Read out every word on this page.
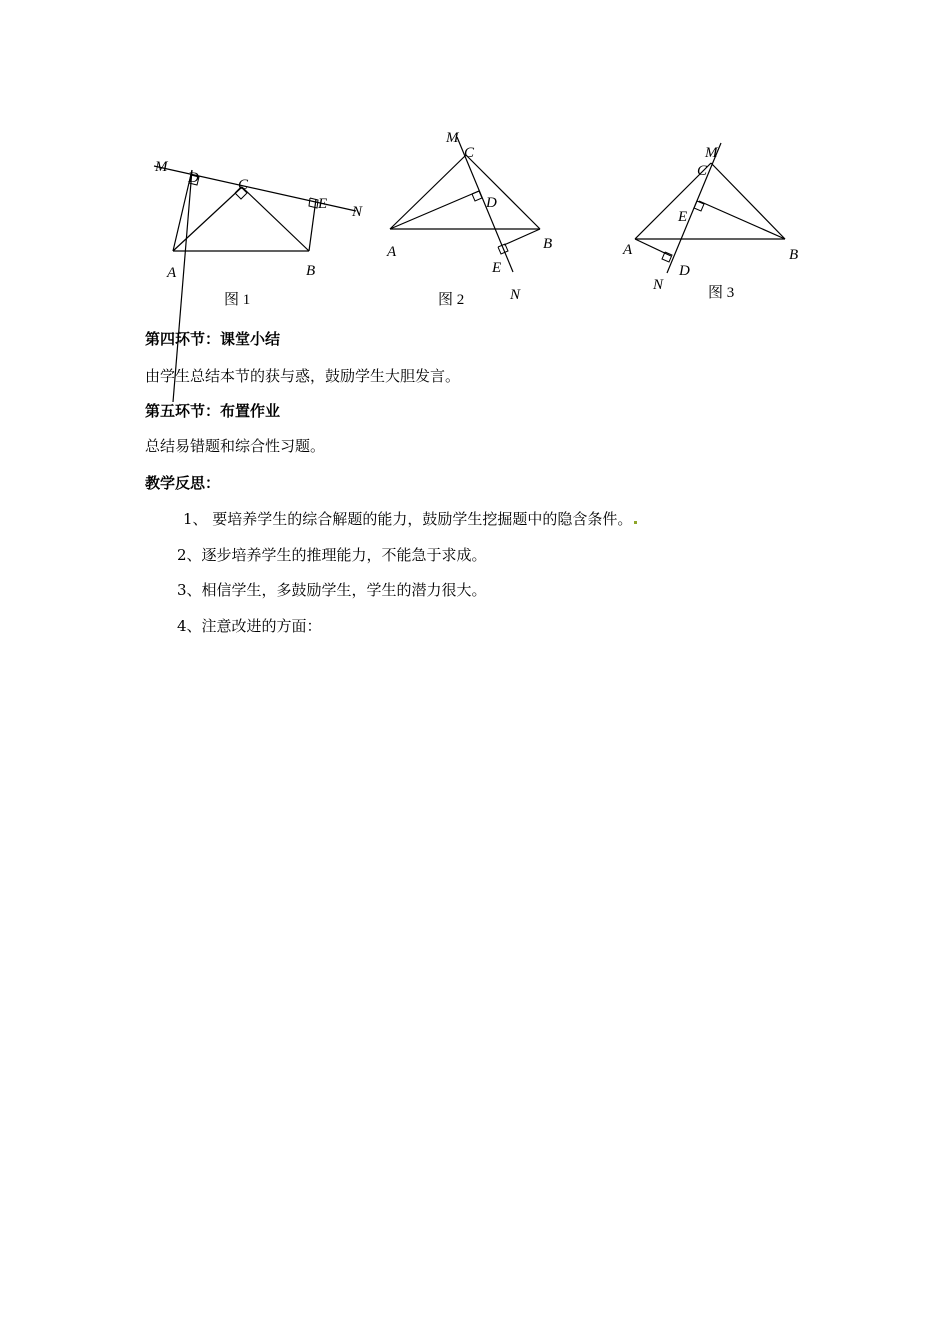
M
D	C
E N
A	B
图 1
M
C
D
A	B
E
N
图 2
M
C
E
A	B
N
D
图 3
第四环节：课堂小结
由学生总结本节的获与惑，鼓励学生大胆发言。
第五环节：布置作业
总结易错题和综合性习题。
教学反思：
1、 要培养学生的综合解题的能力，鼓励学生挖掘题中的隐含条件。
2、逐步培养学生的推理能力，不能急于求成。
3、相信学生，多鼓励学生，学生的潜力很大。
4、注意改进的方面：
